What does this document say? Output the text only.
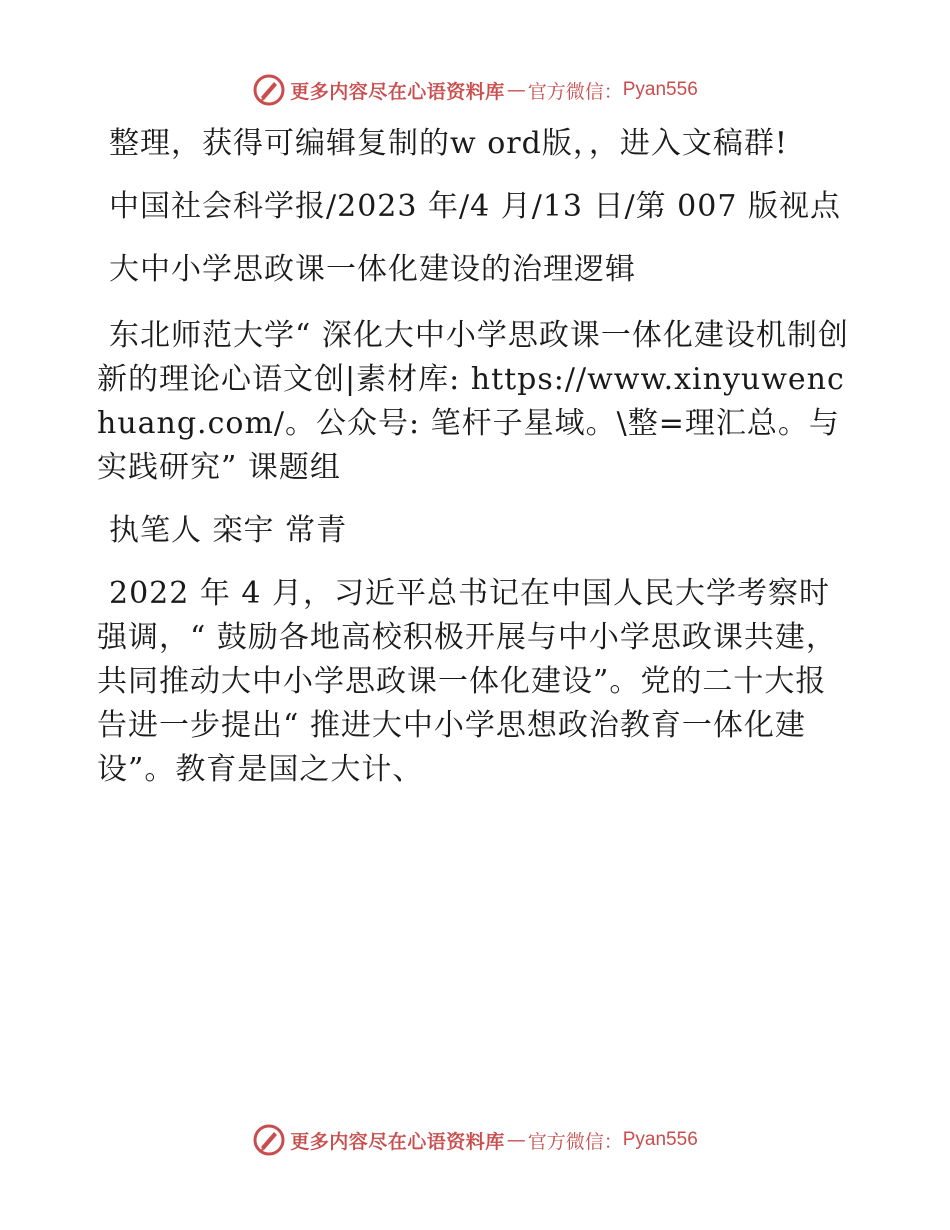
更多内容尽在心语资料库 — 官方微信： Pyan556

整理，获得可编辑复制的w ord版，，进入文稿群!

中国社会科学报/2023 年/4 月/13 日/第 007 版视点

大中小学思政课一体化建设的治理逻辑

东北师范大学“ 深化大中小学思政课一体化建设机制创新的理论心语文创|素材库: https://www.xinyuwenchuang.com/。公众号: 笔杆子星域。\整=理汇总。与实践研究” 课题组

执笔人 栾宇 常青

2022 年 4 月，习近平总书记在中国人民大学考察时强调，“ 鼓励各地高校积极开展与中小学思政课共建，共同推动大中小学思政课一体化建设”。党的二十大报告进一步提出“ 推进大中小学思想政治教育一体化建设”。教育是国之大计、

更多内容尽在心语资料库 — 官方微信： Pyan556
